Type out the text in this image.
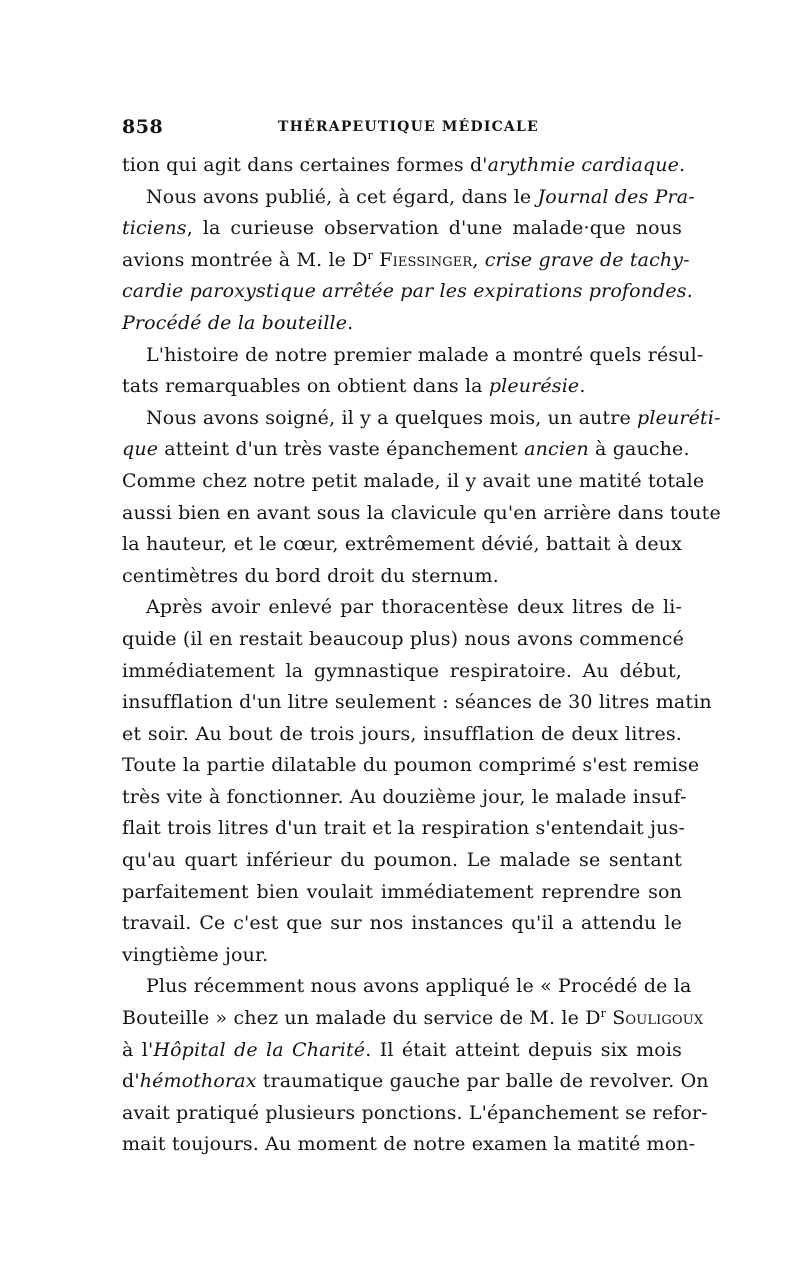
858	THÉRAPEUTIQUE MÉDICALE
tion qui agit dans certaines formes d'arythmie cardiaque.
Nous avons publié, à cet égard, dans le Journal des Pra-
ticiens, la curieuse observation d'une malade·que nous
avions montrée à M. le $D^r$ Fiessinger, crise grave de tachy-
cardie paroxystique arrêtée par les expirations profondes.
Procédé de la bouteille.
L'histoire de notre premier malade a montré quels résul-
tats remarquables on obtient dans la pleurésie.
Nous avons soigné, il y a quelques mois, un autre pleuréti-
que atteint d'un très vaste épanchement ancien à gauche.
Comme chez notre petit malade, il y avait une matité totale
aussi bien en avant sous la clavicule qu'en arrière dans toute
la hauteur, et le cœur, extrêmement dévié, battait à deux
centimètres du bord droit du sternum.
Après avoir enlevé par thoracentèse deux litres de li-
quide (il en restait beaucoup plus) nous avons commencé
immédiatement la gymnastique respiratoire. Au début,
insufflation d'un litre seulement : séances de 30 litres matin
et soir. Au bout de trois jours, insufflation de deux litres.
Toute la partie dilatable du poumon comprimé s'est remise
très vite à fonctionner. Au douzième jour, le malade insuf-
flait trois litres d'un trait et la respiration s'entendait jus-
qu'au quart inférieur du poumon. Le malade se sentant
parfaitement bien voulait immédiatement reprendre son
travail. Ce c'est que sur nos instances qu'il a attendu le
vingtième jour.
Plus récemment nous avons appliqué le « Procédé de la
Bouteille » chez un malade du service de M. le $D^r$ Souligoux
à l'Hôpital de la Charité. Il était atteint depuis six mois
d'hémothorax traumatique gauche par balle de revolver. On
avait pratiqué plusieurs ponctions. L'épanchement se refor-
mait toujours. Au moment de notre examen la matité mon-
